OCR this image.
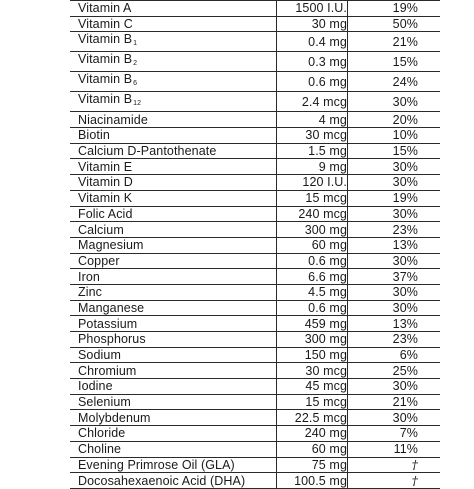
Vitamin A	1500 I.U.	19%
Vitamin C	30 mg	50%
Vitamin $B_1$	0.4 mg	21%
Vitamin $B_2$	0.3 mg	15%
Vitamin $B_6$	0.6 mg	24%
Vitamin $B_{12}$	2.4 mcg	30%
Niacinamide	4 mg	20%
Biotin	30 mcg	10%
Calcium D-Pantothenate	1.5 mg	15%
Vitamin E	9 mg	30%
Vitamin D	120 I.U.	30%
Vitamin K	15 mcg	19%
Folic Acid	240 mcg	30%
Calcium	300 mg	23%
Magnesium	60 mg	13%
Copper	0.6 mg	30%
Iron	6.6 mg	37%
Zinc	4.5 mg	30%
Manganese	0.6 mg	30%
Potassium	459 mg	13%
Phosphorus	300 mg	23%
Sodium	150 mg	6%
Chromium	30 mcg	25%
Iodine	45 mcg	30%
Selenium	15 mcg	21%
Molybdenum	22.5 mcg	30%
Chloride	240 mg	7%
Choline	60 mg	11%
Evening Primrose Oil (GLA)	75 mg	†
Docosahexaenoic Acid (DHA)	100.5 mg	†
